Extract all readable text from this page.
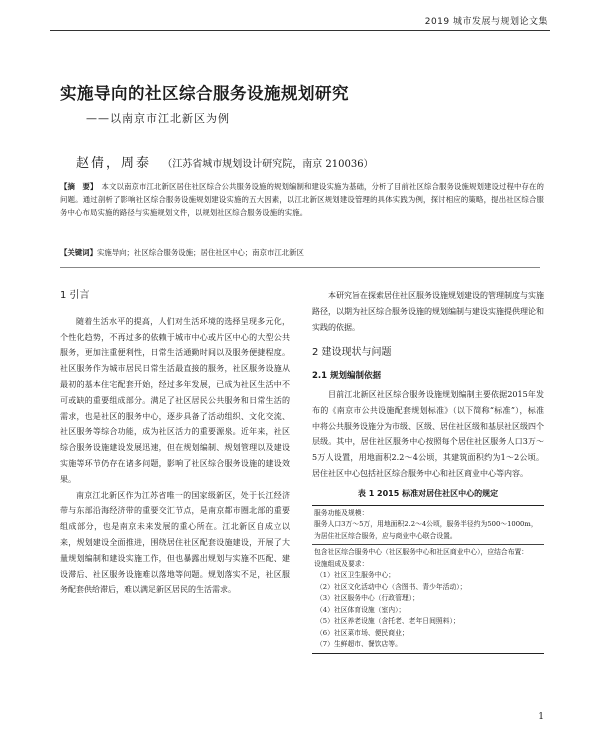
2019 城市发展与规划论文集
实施导向的社区综合服务设施规划研究
——以南京市江北新区为例
赵倩，周泰 （江苏省城市规划设计研究院，南京 210036）
【摘　要】 本文以南京市江北新区居住社区综合公共服务设施的规划编制和建设实施为基础，分析了目前社区综合服务设施规划建设过程中存在的问题。通过剖析了影响社区综合服务设施规划建设实施的五大因素，以江北新区规划建设管理的具体实践为例，探讨相应的策略，提出社区综合服务中心布局实施的路径与实施规划文件，以规划社区综合服务设施的实施。
【关键词】实施导向；社区综合服务设施；居住社区中心；南京市江北新区
1 引言

随着生活水平的提高，人们对生活环境的选择呈现多元化，个性化趋势，不再过多的依赖于城市中心或片区中心的大型公共服务，更加注重便利性，日常生活通勤时间以及服务便捷程度。社区服务作为城市居民日常生活最直接的服务，社区服务设施从最初的基本住宅配套开始，经过多年发展，已成为社区生活中不可或缺的重要组成部分。满足了社区居民公共服务和日常生活的需求，也是社区的服务中心，逐步具备了活动组织、文化交流、社区服务等综合功能，成为社区活力的重要源泉。近年来，社区综合服务设施建设发展迅速，但在规划编制、规划管理以及建设实施等环节仍存在诸多问题，影响了社区综合服务设施的建设效果。

南京江北新区作为江苏省唯一的国家级新区，处于长江经济带与东部沿海经济带的重要交汇节点，是南京都市圈北部的重要组成部分，也是南京未来发展的重心所在。江北新区自成立以来，规划建设全面推进，围绕居住社区配套设施建设，开展了大量规划编制和建设实施工作，但也暴露出规划与实施不匹配、建设滞后、社区服务设施难以落地等问题。规划落实不足，社区服务配套供给滞后，难以满足新区居民的生活需求。

本研究旨在探索居住社区服务设施规划建设的管理制度与实施路径，以期为社区综合服务设施的规划编制与建设实施提供理论和实践的依据。

2 建设现状与问题
2.1 规划编制依据

目前江北新区社区综合服务设施规划编制主要依据2015年发布的《南京市公共设施配套规划标准》（以下简称“标准”），标准中将公共服务设施分为市级、区级、居住社区级和基层社区级四个层级。其中，居住社区服务中心按照每个居住社区服务人口3万～5万人设置，用地面积2.2～4公顷，其建筑面积约为1～2公顷。居住社区中心包括社区综合服务中心和社区商业中心等内容。

表 1 2015 标准对居住社区中心的规定
服务功能及规模：
服务人口3万～5万，用地面积2.2～4公顷，服务半径约为500～1000m，
为居住社区综合服务，应与商业中心联合设置。
包含社区综合服务中心（社区服务中心和社区商业中心），应结合布置：
设施组成及要求：
（1）社区卫生服务中心；
（2）社区文化活动中心（含图书、青少年活动）；
（3）社区服务中心（行政管理）；
（4）社区体育设施（室内）；
（5）社区养老设施（含托老、老年日间照料）；
（6）社区菜市场、便民商业；
（7）生鲜超市、餐饮店等。
1
